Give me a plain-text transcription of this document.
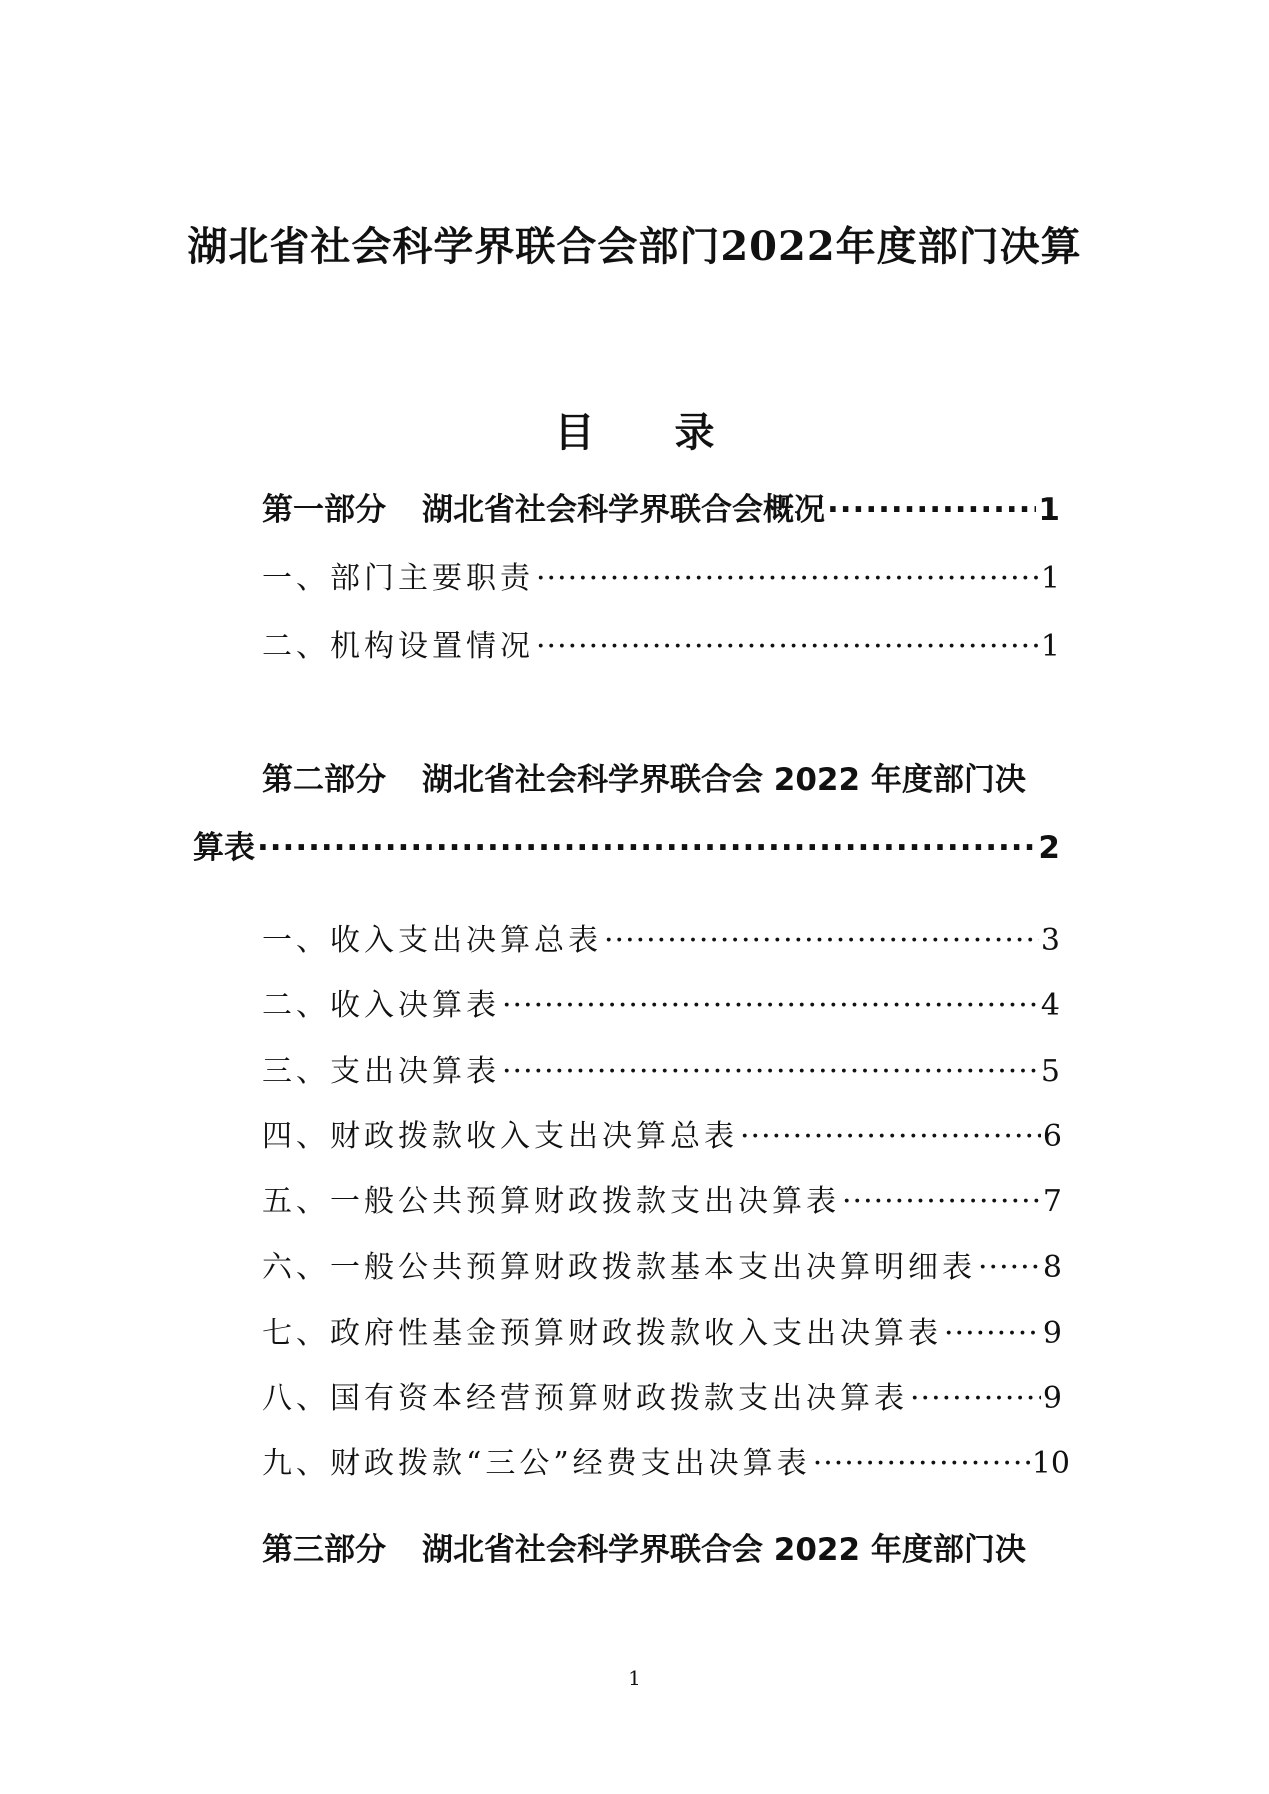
湖北省社会科学界联合会部门2022年度部门决算
目 录
第一部分 湖北省社会科学界联合会概况 ·····	1
一、部门主要职责 ·····	1
二、机构设置情况 ·····	1
第二部分 湖北省社会科学界联合会 2022 年度部门决
算表 ·····	2
一、收入支出决算总表 ·····	3
二、收入决算表 ·····	4
三、支出决算表 ·····	5
四、财政拨款收入支出决算总表 ·····	6
五、一般公共预算财政拨款支出决算表 ·····	7
六、一般公共预算财政拨款基本支出决算明细表 ····· 8
七、政府性基金预算财政拨款收入支出决算表 ·····	9
八、国有资本经营预算财政拨款支出决算表 ·····	9
九、财政拨款“三公”经费支出决算表 ·····	10
第三部分 湖北省社会科学界联合会 2022 年度部门决
1
